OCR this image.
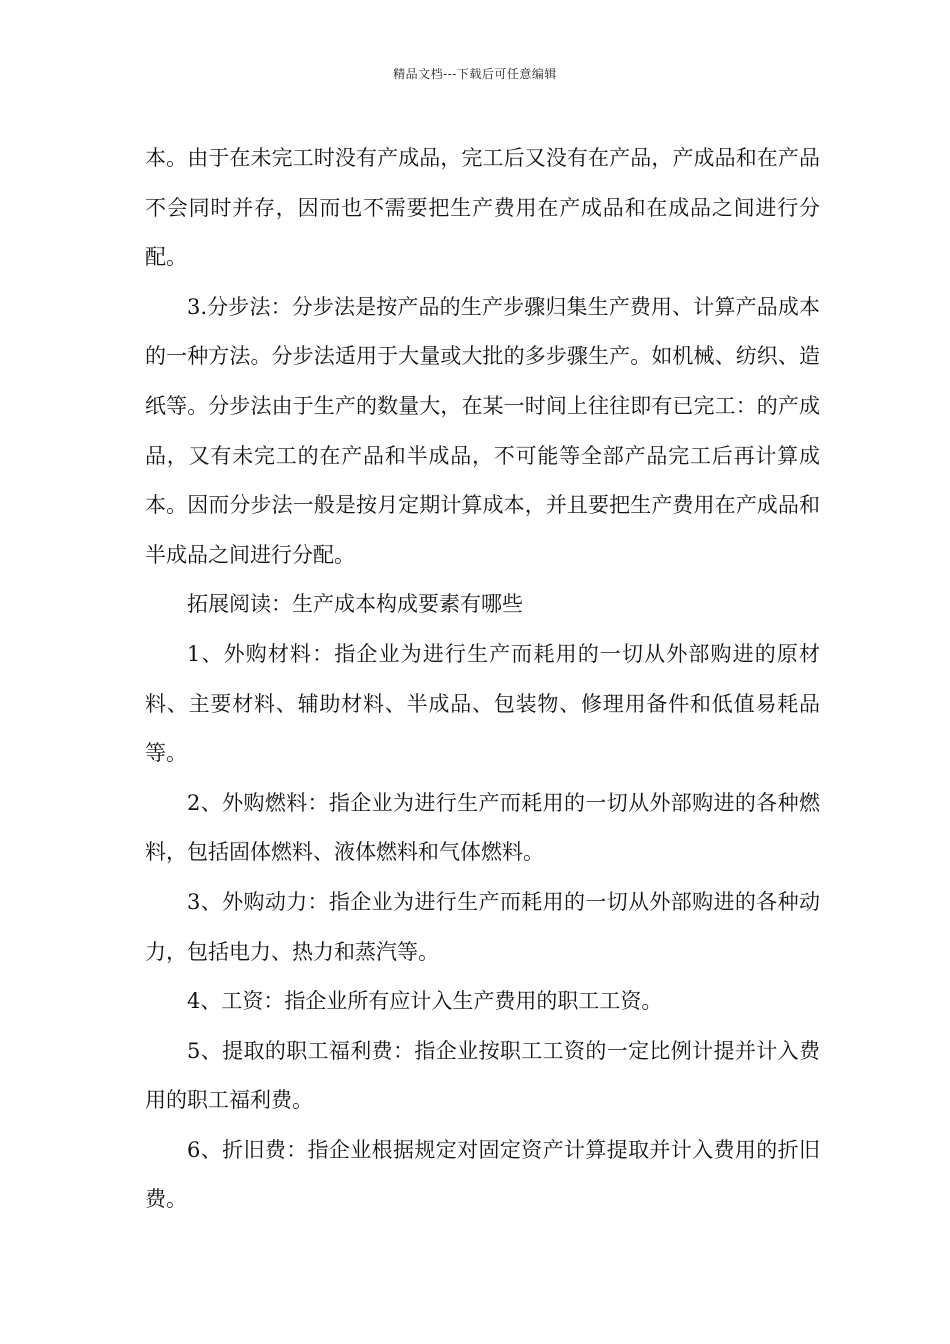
精品文档---下载后可任意编辑

本。由于在未完工时没有产成品，完工后又没有在产品，产成品和在产品不会同时并存，因而也不需要把生产费用在产成品和在成品之间进行分配。

3.分步法：分步法是按产品的生产步骤归集生产费用、计算产品成本的一种方法。分步法适用于大量或大批的多步骤生产。如机械、纺织、造纸等。分步法由于生产的数量大，在某一时间上往往即有已完工：的产成品，又有未完工的在产品和半成品，不可能等全部产品完工后再计算成本。因而分步法一般是按月定期计算成本，并且要把生产费用在产成品和半成品之间进行分配。

拓展阅读：生产成本构成要素有哪些

1、外购材料：指企业为进行生产而耗用的一切从外部购进的原材料、主要材料、辅助材料、半成品、包装物、修理用备件和低值易耗品等。

2、外购燃料：指企业为进行生产而耗用的一切从外部购进的各种燃料，包括固体燃料、液体燃料和气体燃料。

3、外购动力：指企业为进行生产而耗用的一切从外部购进的各种动力，包括电力、热力和蒸汽等。

4、工资：指企业所有应计入生产费用的职工工资。

5、提取的职工福利费：指企业按职工工资的一定比例计提并计入费用的职工福利费。

6、折旧费：指企业根据规定对固定资产计算提取并计入费用的折旧费。
